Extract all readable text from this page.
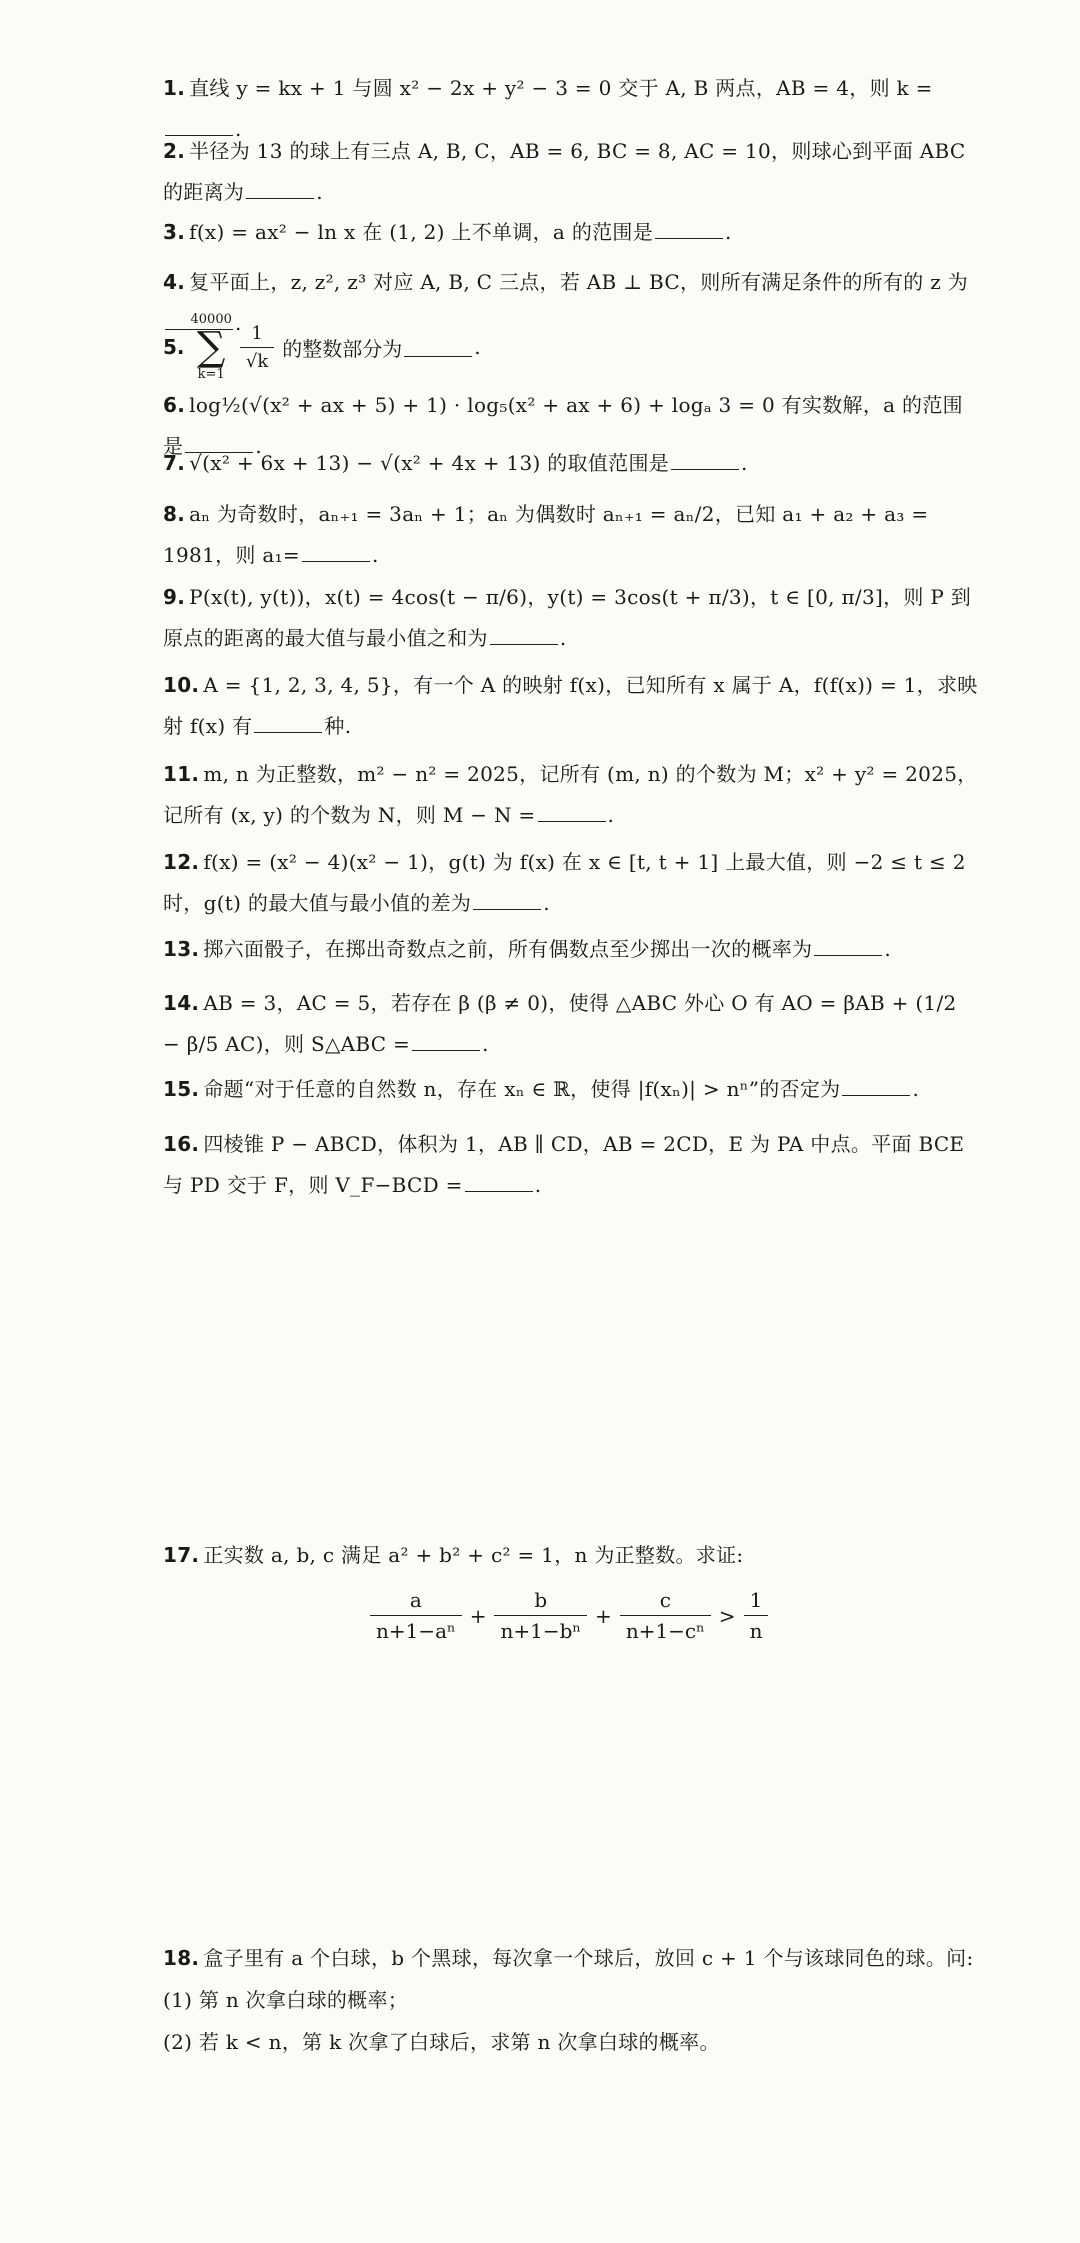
1. 直线 y = kx + 1 与圆 x² − 2x + y² − 3 = 0 交于 A, B 两点，AB = 4，则 k =.
2. 半径为 13 的球上有三点 A, B, C，AB = 6, BC = 8, AC = 10，则球心到平面 ABC 的距离为	.
3. f(x) = ax² − ln x 在 (1, 2) 上不单调，a 的范围是	.
4. 复平面上，z, z², z³ 对应 A, B, C 三点，若 AB ⊥ BC，则所有满足条件的所有的 z 为.
5.
40000
∑
k=1
$\frac{1}{√k}$ 的整数部分为	.
6. log½(√(x² + ax + 5) + 1) · log₅(x² + ax + 6) + logₐ 3 = 0 有实数解，a 的范围是	.
7. √(x² + 6x + 13) − √(x² + 4x + 13) 的取值范围是	.
8. aₙ 为奇数时，aₙ₊₁ = 3aₙ + 1；aₙ 为偶数时 aₙ₊₁ = aₙ/2，已知 a₁ + a₂ + a₃ = 1981，则 a₁=	.
9. P(x(t), y(t))，x(t) = 4cos(t − π/6)，y(t) = 3cos(t + π/3)，t ∈ [0, π/3]，则 P 到原点的距离的最大值与最小值之和为	.
10. A = {1, 2, 3, 4, 5}，有一个 A 的映射 f(x)，已知所有 x 属于 A，f(f(x)) = 1，求映射 f(x) 有	种.
11. m, n 为正整数，m² − n² = 2025，记所有 (m, n) 的个数为 M；x² + y² = 2025，记所有 (x, y) 的个数为 N，则 M − N =	.
12. f(x) = (x² − 4)(x² − 1)，g(t) 为 f(x) 在 x ∈ [t, t + 1] 上最大值，则 −2 ≤ t ≤ 2 时，g(t) 的最大值与最小值的差为	.
13. 掷六面骰子，在掷出奇数点之前，所有偶数点至少掷出一次的概率为	.
14. AB = 3，AC = 5，若存在 β (β ≠ 0)，使得 △ABC 外心 O 有 AO = βAB + (1/2 − β/5 AC)，则 S△ABC =	.
15. 命题“对于任意的自然数 n，存在 xₙ ∈ ℝ，使得 |f(xₙ)| > nⁿ”的否定为	.
16. 四棱锥 P − ABCD，体积为 1，AB ∥ CD，AB = 2CD，E 为 PA 中点。平面 BCE 与 PD 交于 F，则 V_F−BCD =	.
17. 正实数 a, b, c 满足 a² + b² + c² = 1，n 为正整数。求证:
$\frac{a}{\text{n+1−aⁿ}} + \frac{b}{\text{n+1−bⁿ}} + \frac{c}{\text{n+1−cⁿ}} > \frac{1}{n}$
18. 盒子里有 a 个白球，b 个黑球，每次拿一个球后，放回 c + 1 个与该球同色的球。问:
(1) 第 n 次拿白球的概率；
(2) 若 k < n，第 k 次拿了白球后，求第 n 次拿白球的概率。
